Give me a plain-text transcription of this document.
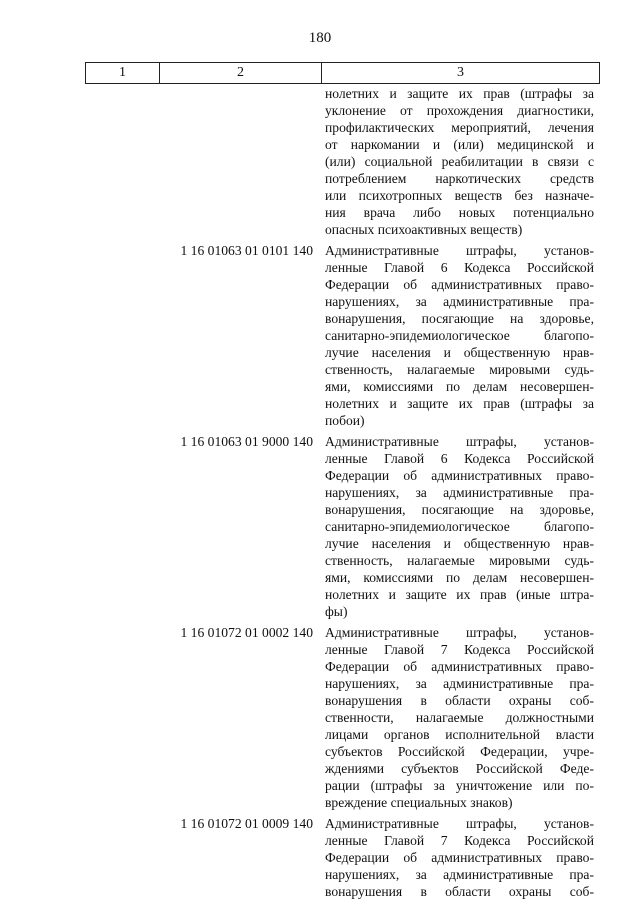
180
1	2	3
нолетних и защите их прав (штрафы за
уклонение от прохождения диагностики,
профилактических мероприятий, лечения
от наркомании и (или) медицинской и
(или) социальной реабилитации в связи с
потреблением наркотических средств
или психотропных веществ без назначе-
ния врача либо новых потенциально
опасных психоактивных веществ)
1 16 01063 01 0101 140 Административные штрафы, установ-
ленные Главой 6 Кодекса Российской
Федерации об административных право-
нарушениях, за административные пра-
вонарушения, посягающие на здоровье,
санитарно-эпидемиологическое благопо-
лучие населения и общественную нрав-
ственность, налагаемые мировыми судь-
ями, комиссиями по делам несовершен-
нолетних и защите их прав (штрафы за
побои)
1 16 01063 01 9000 140 Административные штрафы, установ-
ленные Главой 6 Кодекса Российской
Федерации об административных право-
нарушениях, за административные пра-
вонарушения, посягающие на здоровье,
санитарно-эпидемиологическое благопо-
лучие населения и общественную нрав-
ственность, налагаемые мировыми судь-
ями, комиссиями по делам несовершен-
нолетних и защите их прав (иные штра-
фы)
1 16 01072 01 0002 140 Административные штрафы, установ-
ленные Главой 7 Кодекса Российской
Федерации об административных право-
нарушениях, за административные пра-
вонарушения в области охраны соб-
ственности, налагаемые должностными
лицами органов исполнительной власти
субъектов Российской Федерации, учре-
ждениями субъектов Российской Феде-
рации (штрафы за уничтожение или по-
вреждение специальных знаков)
1 16 01072 01 0009 140 Административные штрафы, установ-
ленные Главой 7 Кодекса Российской
Федерации об административных право-
нарушениях, за административные пра-
вонарушения в области охраны соб-
